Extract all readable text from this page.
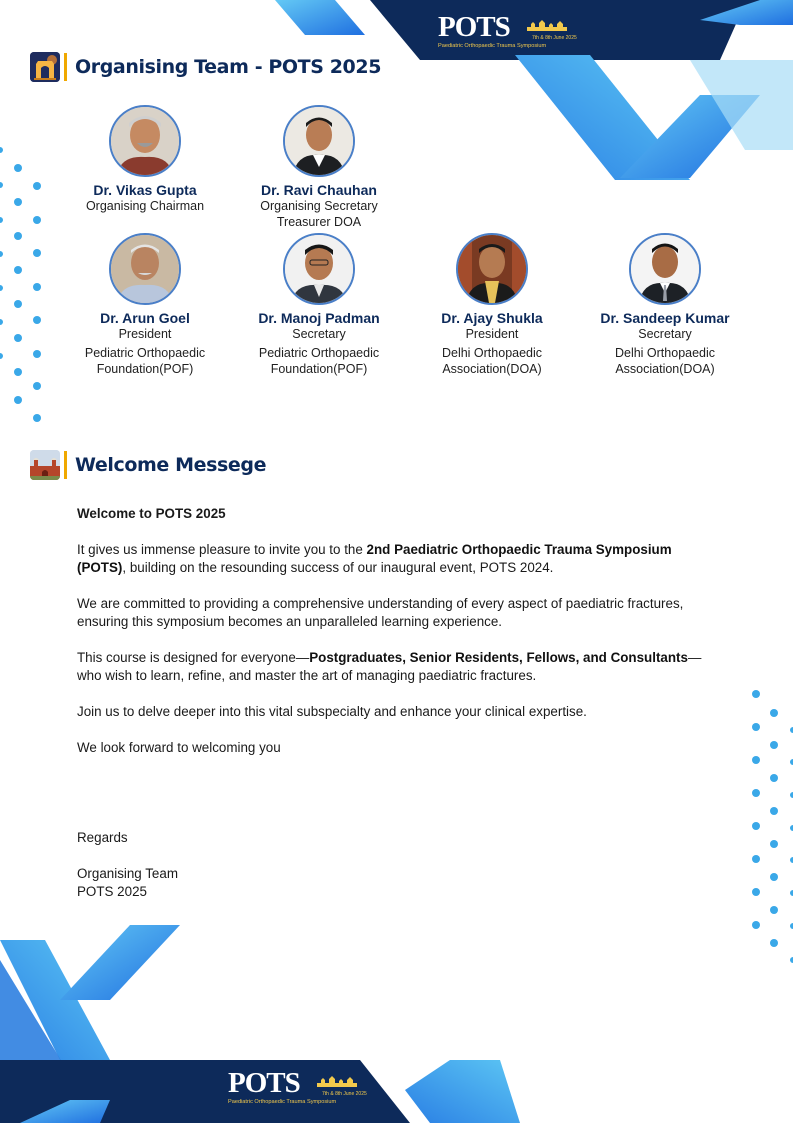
POTS	7th & 8th June 2025
Paediatric Orthopaedic Trauma Symposium
Organising Team - POTS 2025
Dr. Vikas Gupta
Organising Chairman
Dr. Ravi Chauhan
Organising Secretary
Treasurer DOA
Dr. Arun Goel
President
Pediatric Orthopaedic Foundation(POF)
Dr. Manoj Padman
Secretary
Pediatric Orthopaedic Foundation(POF)
Dr. Ajay Shukla
President
Delhi Orthopaedic Association(DOA)
Dr. Sandeep Kumar
Secretary
Delhi Orthopaedic Association(DOA)
Welcome Messege

Welcome to POTS 2025

It gives us immense pleasure to invite you to the 2nd Paediatric Orthopaedic Trauma Symposium (POTS), building on the resounding success of our inaugural event, POTS 2024.

We are committed to providing a comprehensive understanding of every aspect of paediatric fractures, ensuring this symposium becomes an unparalleled learning experience.

This course is designed for everyone—Postgraduates, Senior Residents, Fellows, and Consultants—who wish to learn, refine, and master the art of managing paediatric fractures.

Join us to delve deeper into this vital subspecialty and enhance your clinical expertise.

We look forward to welcoming you

Regards

Organising Team

POTS 2025

POTS	7th & 8th June 2025
Paediatric Orthopaedic Trauma Symposium
